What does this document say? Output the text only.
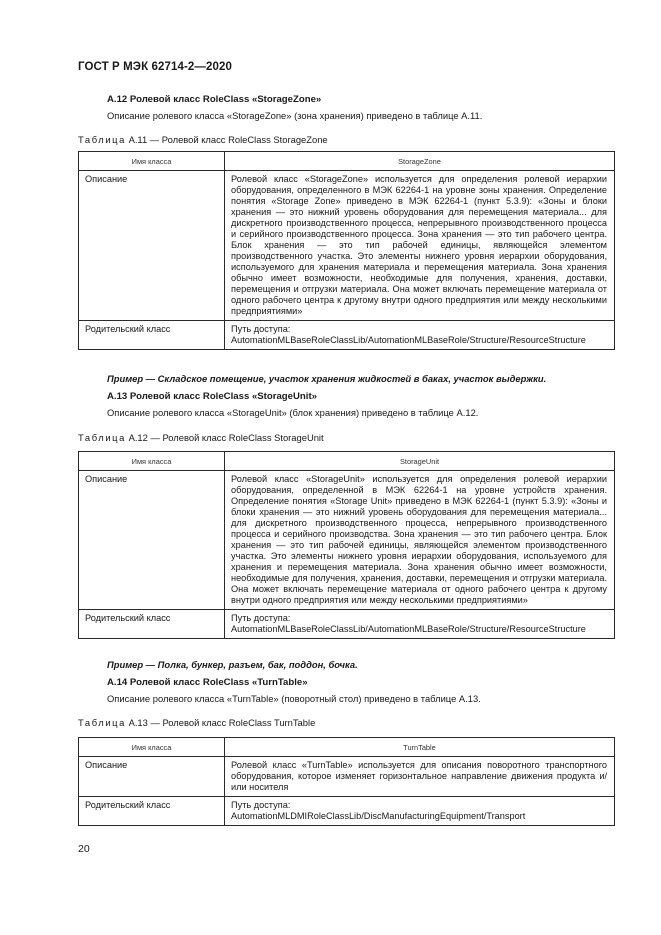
ГОСТ Р МЭК 62714-2—2020
А.12 Ролевой класс RoleClass «StorageZone»
Описание ролевого класса «StorageZone» (зона хранения) приведено в таблице А.11.
Таблица А.11 — Ролевой класс RoleClass StorageZone
Имя класса	StorageZone
Описание	Ролевой класс «StorageZone» используется для определения ролевой иерархии оборудования, определенного в МЭК 62264-1 на уровне зоны хранения. Определение понятия «Storage Zone» приведено в МЭК 62264-1 (пункт 5.3.9): «Зоны и блоки хранения — это нижний уровень оборудования для перемещения материала... для дискретного производственного процесса, непрерывного производственного процесса и серийного производственного процесса. Зона хранения — это тип рабочего центра. Блок хранения — это тип рабочей единицы, являющейся элементом производственного участка. Это элементы нижнего уровня иерархии оборудования, используемого для хранения материала и перемещения материала. Зона хранения обычно имеет возможности, необходимые для получения, хранения, доставки, перемещения и отгрузки материала. Она может включать перемещение материала от одного рабочего центра к другому внутри одного предприятия или между несколькими предприятиями»
Родительский класс	Путь доступа:
AutomationMLBaseRoleClassLib/AutomationMLBaseRole/Structure/ResourceStructure
Пример — Складское помещение, участок хранения жидкостей в баках, участок выдержки.
А.13 Ролевой класс RoleClass «StorageUnit»
Описание ролевого класса «StorageUnit» (блок хранения) приведено в таблице А.12.
Таблица А.12 — Ролевой класс RoleClass StorageUnit
Имя класса	StorageUnit
Описание	Ролевой класс «StorageUnit» используется для определения ролевой иерархии оборудования, определенной в МЭК 62264-1 на уровне устройств хранения. Определение понятия «Storage Unit» приведено в МЭК 62264-1 (пункт 5.3.9): «Зоны и блоки хранения — это нижний уровень оборудования для перемещения материала... для дискретного производственного процесса, непрерывного производственного процесса и серийного производства. Зона хранения — это тип рабочего центра. Блок хранения — это тип рабочей единицы, являющейся элементом производственного участка. Это элементы нижнего уровня иерархии оборудования, используемого для хранения и перемещения материала. Зона хранения обычно имеет возможности, необходимые для получения, хранения, доставки, перемещения и отгрузки материала. Она может включать перемещение материала от одного рабочего центра к другому внутри одного предприятия или между несколькими предприятиями»
Родительский класс	Путь доступа:
AutomationMLBaseRoleClassLib/AutomationMLBaseRole/Structure/ResourceStructure
Пример — Полка, бункер, разъем, бак, поддон, бочка.
А.14 Ролевой класс RoleClass «TurnTable»
Описание ролевого класса «TurnTable» (поворотный стол) приведено в таблице А.13.
Таблица А.13 — Ролевой класс RoleClass TurnTable
Имя класса	TurnTable
Описание	Ролевой класс «TurnTable» используется для описания поворотного транспортного оборудования, которое изменяет горизонтальное направление движения продукта и/или носителя
Родительский класс	Путь доступа:
AutomationMLDMIRoleClassLib/DiscManufacturingEquipment/Transport
20
